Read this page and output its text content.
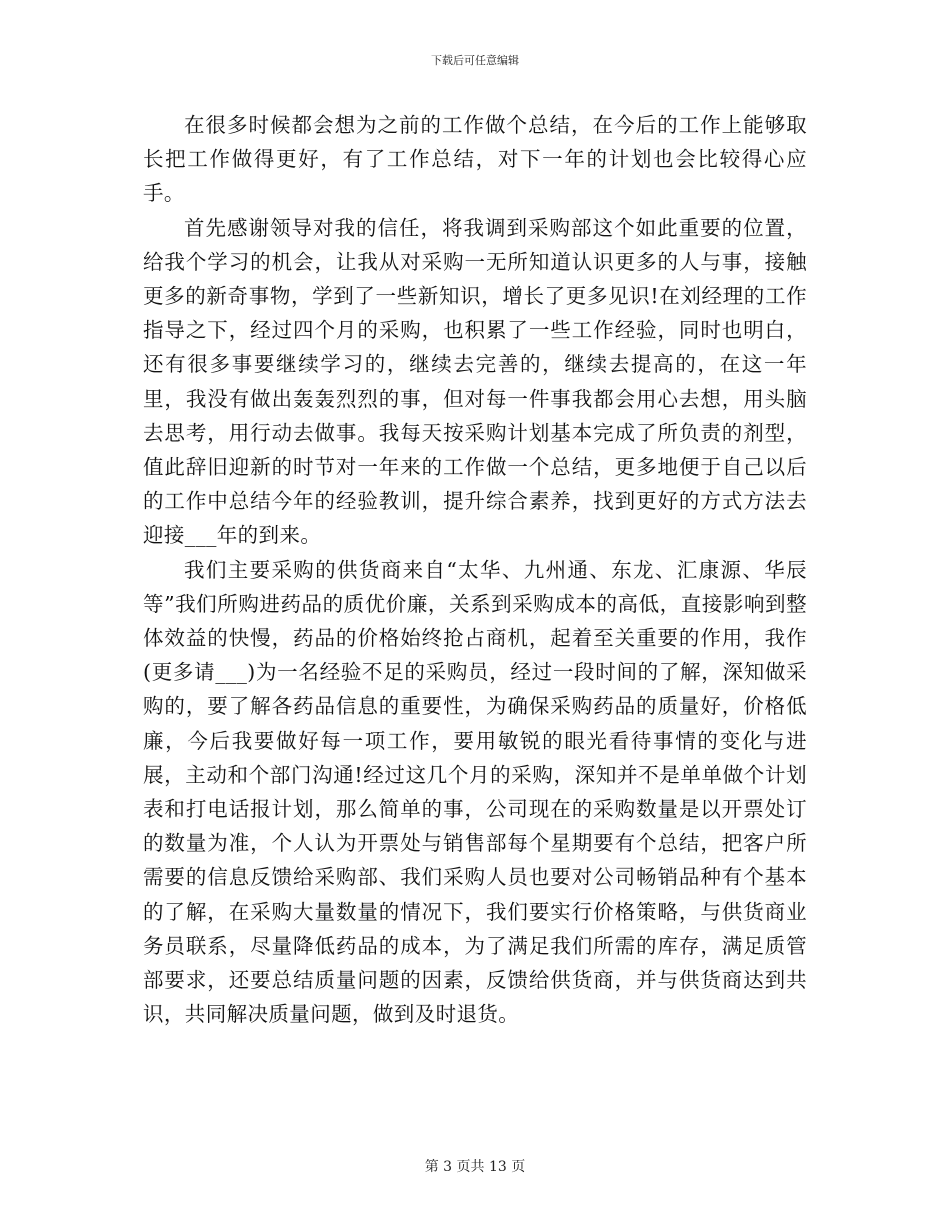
下载后可任意编辑

在很多时候都会想为之前的工作做个总结，在今后的工作上能够取长把工作做得更好，有了工作总结，对下一年的计划也会比较得心应手。

首先感谢领导对我的信任，将我调到采购部这个如此重要的位置，给我个学习的机会，让我从对采购一无所知道认识更多的人与事，接触更多的新奇事物，学到了一些新知识，增长了更多见识!在刘经理的工作指导之下，经过四个月的采购，也积累了一些工作经验，同时也明白，还有很多事要继续学习的，继续去完善的，继续去提高的，在这一年里，我没有做出轰轰烈烈的事，但对每一件事我都会用心去想，用头脑去思考，用行动去做事。我每天按采购计划基本完成了所负责的剂型，值此辞旧迎新的时节对一年来的工作做一个总结，更多地便于自己以后的工作中总结今年的经验教训，提升综合素养，找到更好的方式方法去迎接___年的到来。

我们主要采购的供货商来自“太华、九州通、东龙、汇康源、华辰等”我们所购进药品的质优价廉，关系到采购成本的高低，直接影响到整体效益的快慢，药品的价格始终抢占商机，起着至关重要的作用，我作(更多请___)为一名经验不足的采购员，经过一段时间的了解，深知做采购的，要了解各药品信息的重要性，为确保采购药品的质量好，价格低廉，今后我要做好每一项工作，要用敏锐的眼光看待事情的变化与进展，主动和个部门沟通!经过这几个月的采购，深知并不是单单做个计划表和打电话报计划，那么简单的事，公司现在的采购数量是以开票处订的数量为准，个人认为开票处与销售部每个星期要有个总结，把客户所需要的信息反馈给采购部、我们采购人员也要对公司畅销品种有个基本的了解，在采购大量数量的情况下，我们要实行价格策略，与供货商业务员联系，尽量降低药品的成本，为了满足我们所需的库存，满足质管部要求，还要总结质量问题的因素，反馈给供货商，并与供货商达到共识，共同解决质量问题，做到及时退货。

第 3 页共 13 页
